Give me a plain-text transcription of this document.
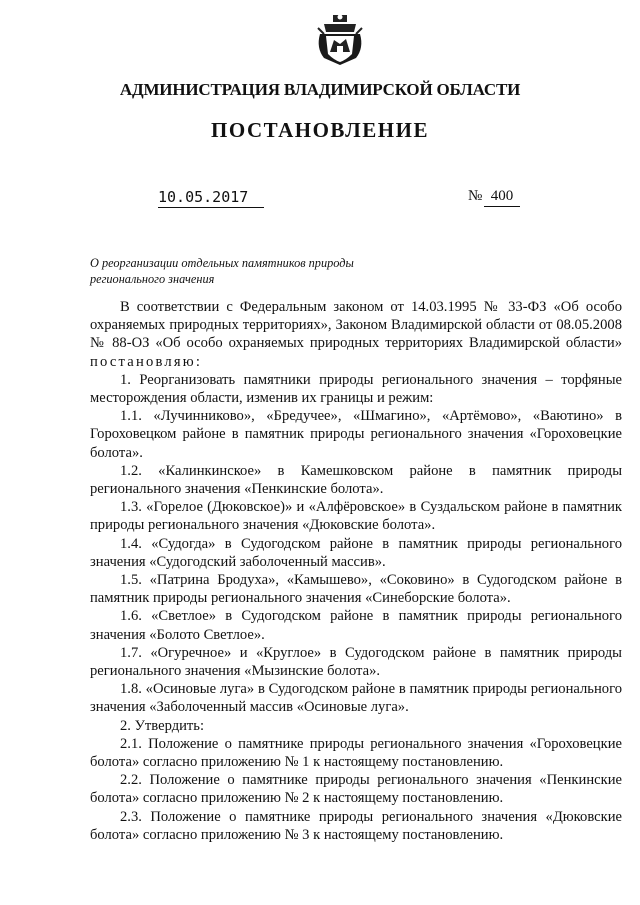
АДМИНИСТРАЦИЯ ВЛАДИМИРСКОЙ ОБЛАСТИ
ПОСТАНОВЛЕНИЕ
10.05.2017	№ 400
О реорганизации отдельных памятников природы
регионального значения

В соответствии с Федеральным законом от 14.03.1995 № 33-ФЗ «Об особо охраняемых природных территориях», Законом Владимирской области от 08.05.2008 № 88-ОЗ «Об особо охраняемых природных территориях Владимирской области» постановляю:

1. Реорганизовать памятники природы регионального значения – торфяные месторождения области, изменив их границы и режим:

1.1. «Лучинниково», «Бредучее», «Шмагино», «Артёмово», «Ваютино» в Гороховецком районе в памятник природы регионального значения «Гороховецкие болота».

1.2. «Калинкинское» в Камешковском районе в памятник природы регионального значения «Пенкинские болота».

1.3. «Горелое (Дюковское)» и «Алфёровское» в Суздальском районе в памятник природы регионального значения «Дюковские болота».

1.4. «Судогда» в Судогодском районе в памятник природы регионального значения «Судогодский заболоченный массив».

1.5. «Патрина Бродуха», «Камышево», «Соковино» в Судогодском районе в памятник природы регионального значения «Синеборские болота».

1.6. «Светлое» в Судогодском районе в памятник природы регионального значения «Болото Светлое».

1.7. «Огуречное» и «Круглое» в Судогодском районе в памятник природы регионального значения «Мызинские болота».

1.8. «Осиновые луга» в Судогодском районе в памятник природы регионального значения «Заболоченный массив «Осиновые луга».

2. Утвердить:

2.1. Положение о памятнике природы регионального значения «Гороховецкие болота» согласно приложению № 1 к настоящему постановлению.

2.2. Положение о памятнике природы регионального значения «Пенкинские болота» согласно приложению № 2 к настоящему постановлению.

2.3. Положение о памятнике природы регионального значения «Дюковские болота» согласно приложению № 3 к настоящему постановлению.
